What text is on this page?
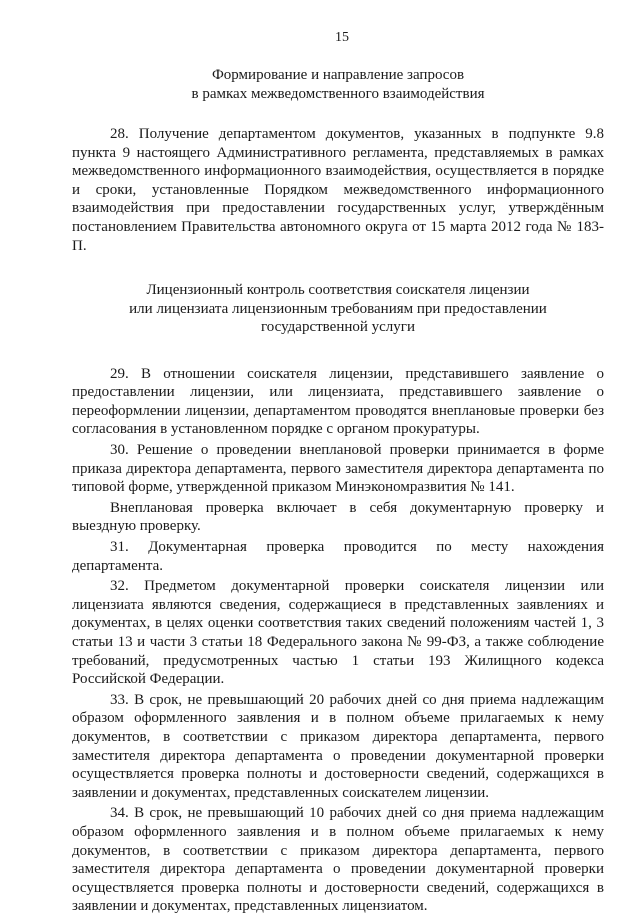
15
Формирование и направление запросов
в рамках межведомственного взаимодействия

28. Получение департаментом документов, указанных в подпункте 9.8 пункта 9 настоящего Административного регламента, представляемых в рамках межведомственного информационного взаимодействия, осуществляется в порядке и сроки, установленные Порядком межведомственного информационного взаимодействия при предоставлении государственных услуг, утверждённым постановлением Правительства автономного округа от 15 марта 2012 года № 183-П.

Лицензионный контроль соответствия соискателя лицензии
или лицензиата лицензионным требованиям при предоставлении
государственной услуги

29. В отношении соискателя лицензии, представившего заявление о предоставлении лицензии, или лицензиата, представившего заявление о переоформлении лицензии, департаментом проводятся внеплановые проверки без согласования в установленном порядке с органом прокуратуры.

30. Решение о проведении внеплановой проверки принимается в форме приказа директора департамента, первого заместителя директора департамента по типовой форме, утвержденной приказом Минэкономразвития № 141.

Внеплановая проверка включает в себя документарную проверку и выездную проверку.

31. Документарная проверка проводится по месту нахождения департамента.

32. Предметом документарной проверки соискателя лицензии или лицензиата являются сведения, содержащиеся в представленных заявлениях и документах, в целях оценки соответствия таких сведений положениям частей 1, 3 статьи 13 и части 3 статьи 18 Федерального закона № 99-ФЗ, а также соблюдение требований, предусмотренных частью 1 статьи 193 Жилищного кодекса Российской Федерации.

33. В срок, не превышающий 20 рабочих дней со дня приема надлежащим образом оформленного заявления и в полном объеме прилагаемых к нему документов, в соответствии с приказом директора департамента, первого заместителя директора департамента о проведении документарной проверки осуществляется проверка полноты и достоверности сведений, содержащихся в заявлении и документах, представленных соискателем лицензии.

34. В срок, не превышающий 10 рабочих дней со дня приема надлежащим образом оформленного заявления и в полном объеме прилагаемых к нему документов, в соответствии с приказом директора департамента, первого заместителя директора департамента о проведении документарной проверки осуществляется проверка полноты и достоверности сведений, содержащихся в заявлении и документах, представленных лицензиатом.
